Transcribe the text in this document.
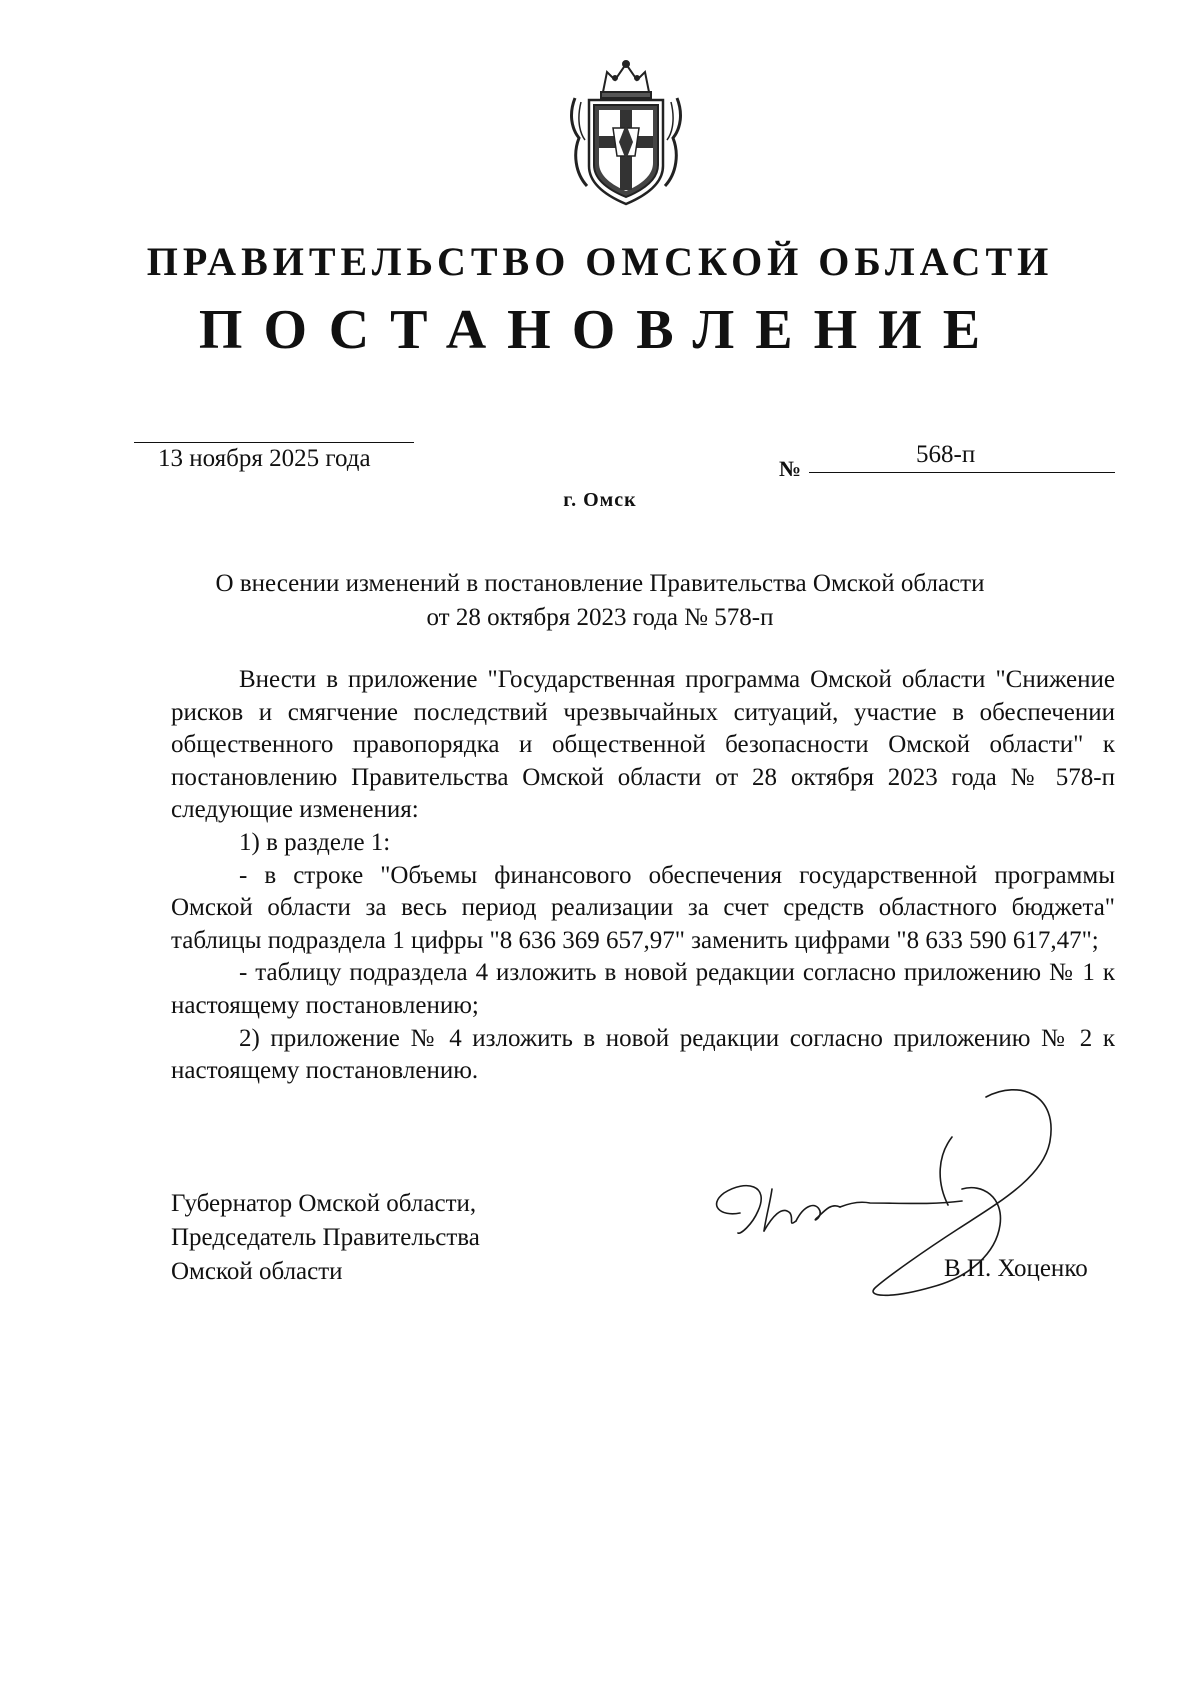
ПРАВИТЕЛЬСТВО ОМСКОЙ ОБЛАСТИ
ПОСТАНОВЛЕНИЕ
13 ноября 2025 года	№
568-п
г. Омск
О внесении изменений в постановление Правительства Омской области
от 28 октября 2023 года № 578-п

Внести в приложение "Государственная программа Омской области "Снижение рисков и смягчение последствий чрезвычайных ситуаций, участие в обеспечении общественного правопорядка и общественной безопасности Омской области" к постановлению Правительства Омской области от 28 октября 2023 года № 578-п следующие изменения:

1) в разделе 1:

- в строке "Объемы финансового обеспечения государственной программы Омской области за весь период реализации за счет средств областного бюджета" таблицы подраздела 1 цифры "8 636 369 657,97" заменить цифрами "8 633 590 617,47";

- таблицу подраздела 4 изложить в новой редакции согласно приложению № 1 к настоящему постановлению;

2) приложение № 4 изложить в новой редакции согласно приложению № 2 к настоящему постановлению.

Губернатор Омской области,
Председатель Правительства
Омской области	В.П. Хоценко
